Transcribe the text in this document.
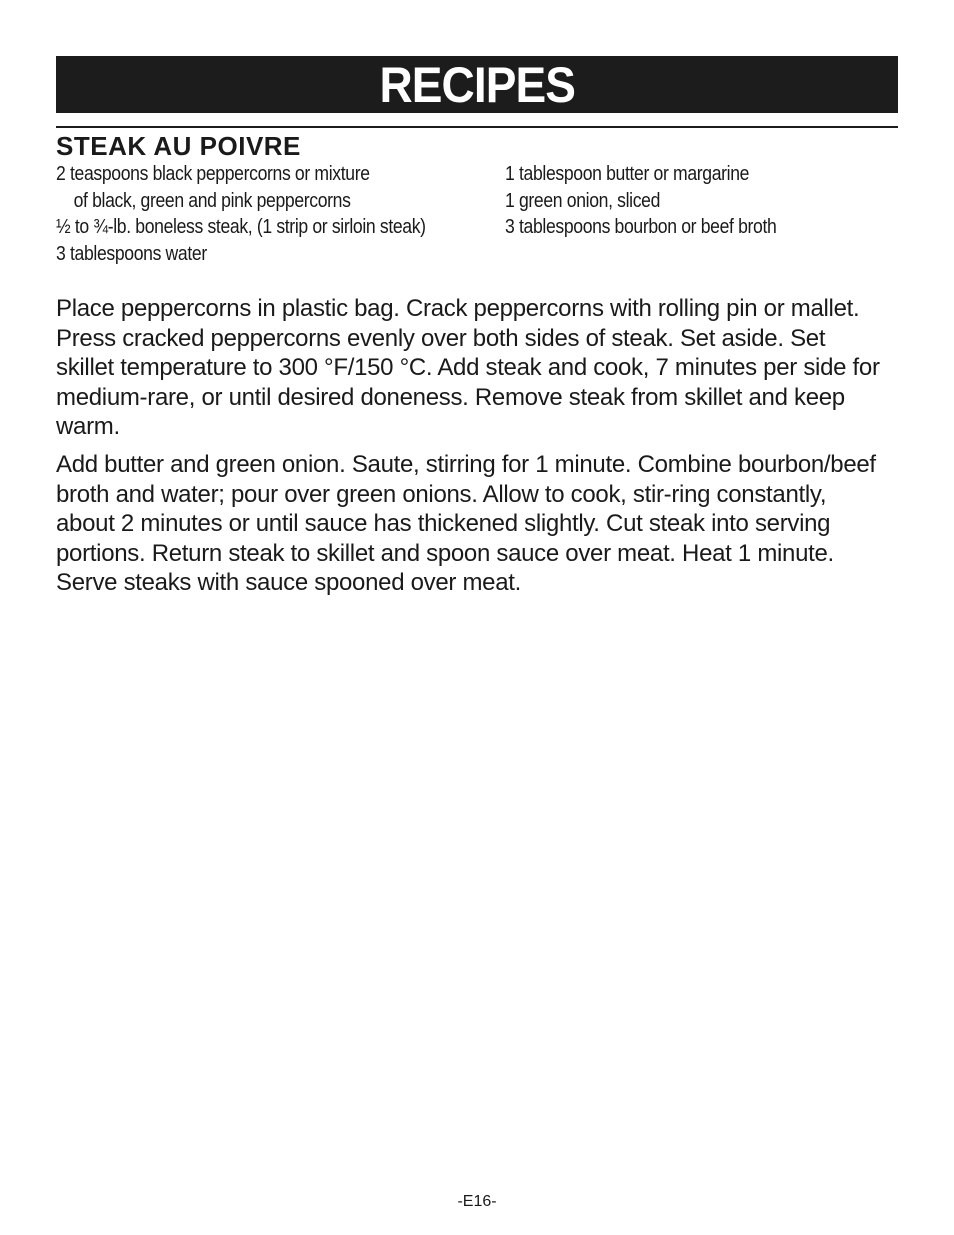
RECIPES
STEAK AU POIVRE
2 teaspoons black peppercorns or mixture
of black, green and pink peppercorns
½ to ¾-lb. boneless steak, (1 strip or sirloin steak)
3 tablespoons water
1 tablespoon butter or margarine
1 green onion, sliced
3 tablespoons bourbon or beef broth

Place peppercorns in plastic bag. Crack peppercorns with rolling pin or mallet. Press cracked peppercorns evenly over both sides of steak. Set aside. Set skillet temperature to 300 °F/150 °C. Add steak and cook, 7 minutes per side for medium-rare, or until desired doneness. Remove steak from skillet and keep warm.

Add butter and green onion. Saute, stirring for 1 minute. Combine bourbon/beef broth and water; pour over green onions. Allow to cook, stir-ring constantly, about 2 minutes or until sauce has thickened slightly. Cut steak into serving portions. Return steak to skillet and spoon sauce over meat. Heat 1 minute. Serve steaks with sauce spooned over meat.

-E16-
